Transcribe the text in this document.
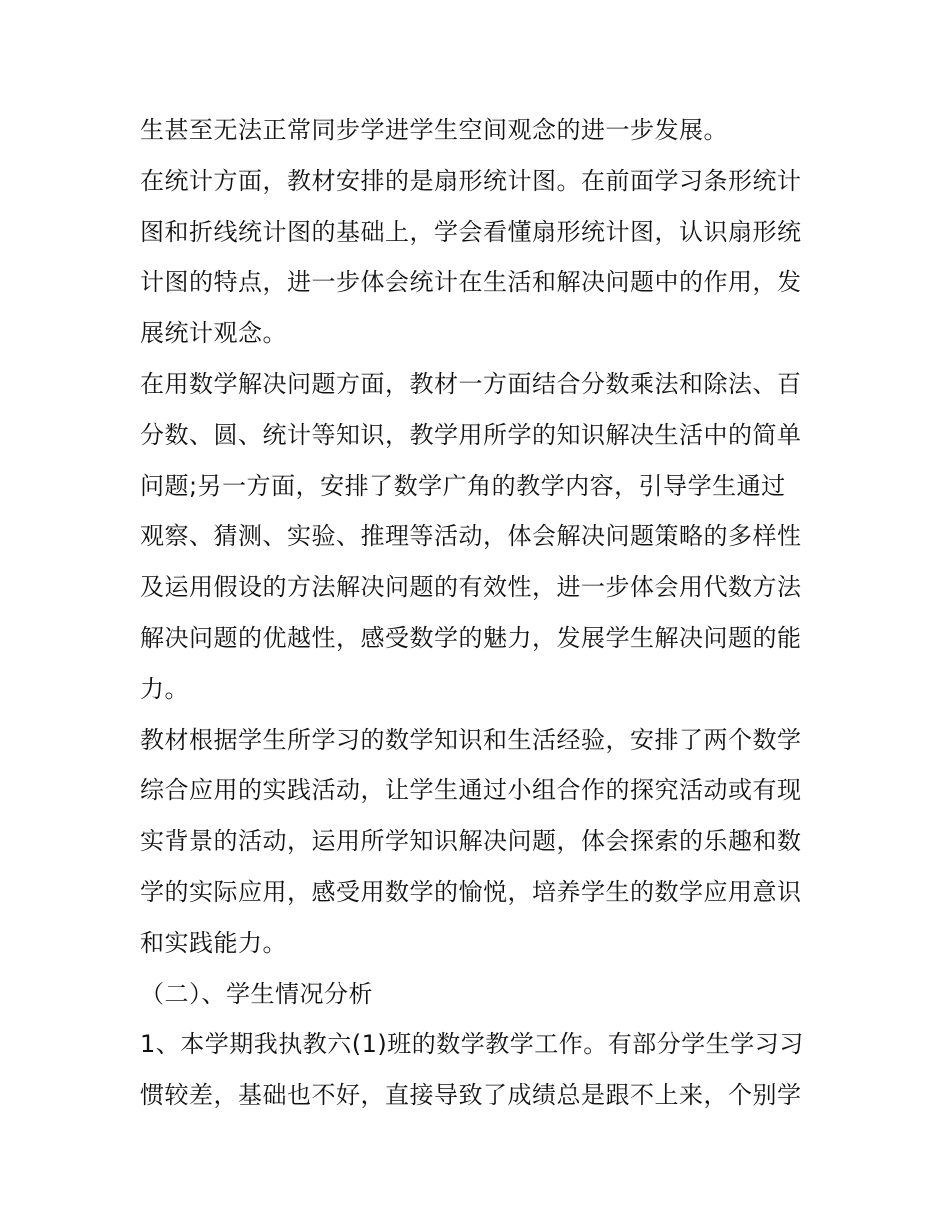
生甚至无法正常同步学进学生空间观念的进一步发展。
在统计方面，教材安排的是扇形统计图。在前面学习条形统计
图和折线统计图的基础上，学会看懂扇形统计图，认识扇形统
计图的特点，进一步体会统计在生活和解决问题中的作用，发
展统计观念。
在用数学解决问题方面，教材一方面结合分数乘法和除法、百
分数、圆、统计等知识，教学用所学的知识解决生活中的简单
问题;另一方面，安排了数学广角的教学内容，引导学生通过
观察、猜测、实验、推理等活动，体会解决问题策略的多样性
及运用假设的方法解决问题的有效性，进一步体会用代数方法
解决问题的优越性，感受数学的魅力，发展学生解决问题的能
力。
教材根据学生所学习的数学知识和生活经验，安排了两个数学
综合应用的实践活动，让学生通过小组合作的探究活动或有现
实背景的活动，运用所学知识解决问题，体会探索的乐趣和数
学的实际应用，感受用数学的愉悦，培养学生的数学应用意识
和实践能力。
（二）、学生情况分析
1、本学期我执教六(1)班的数学教学工作。有部分学生学习习
惯较差，基础也不好，直接导致了成绩总是跟不上来，个别学
